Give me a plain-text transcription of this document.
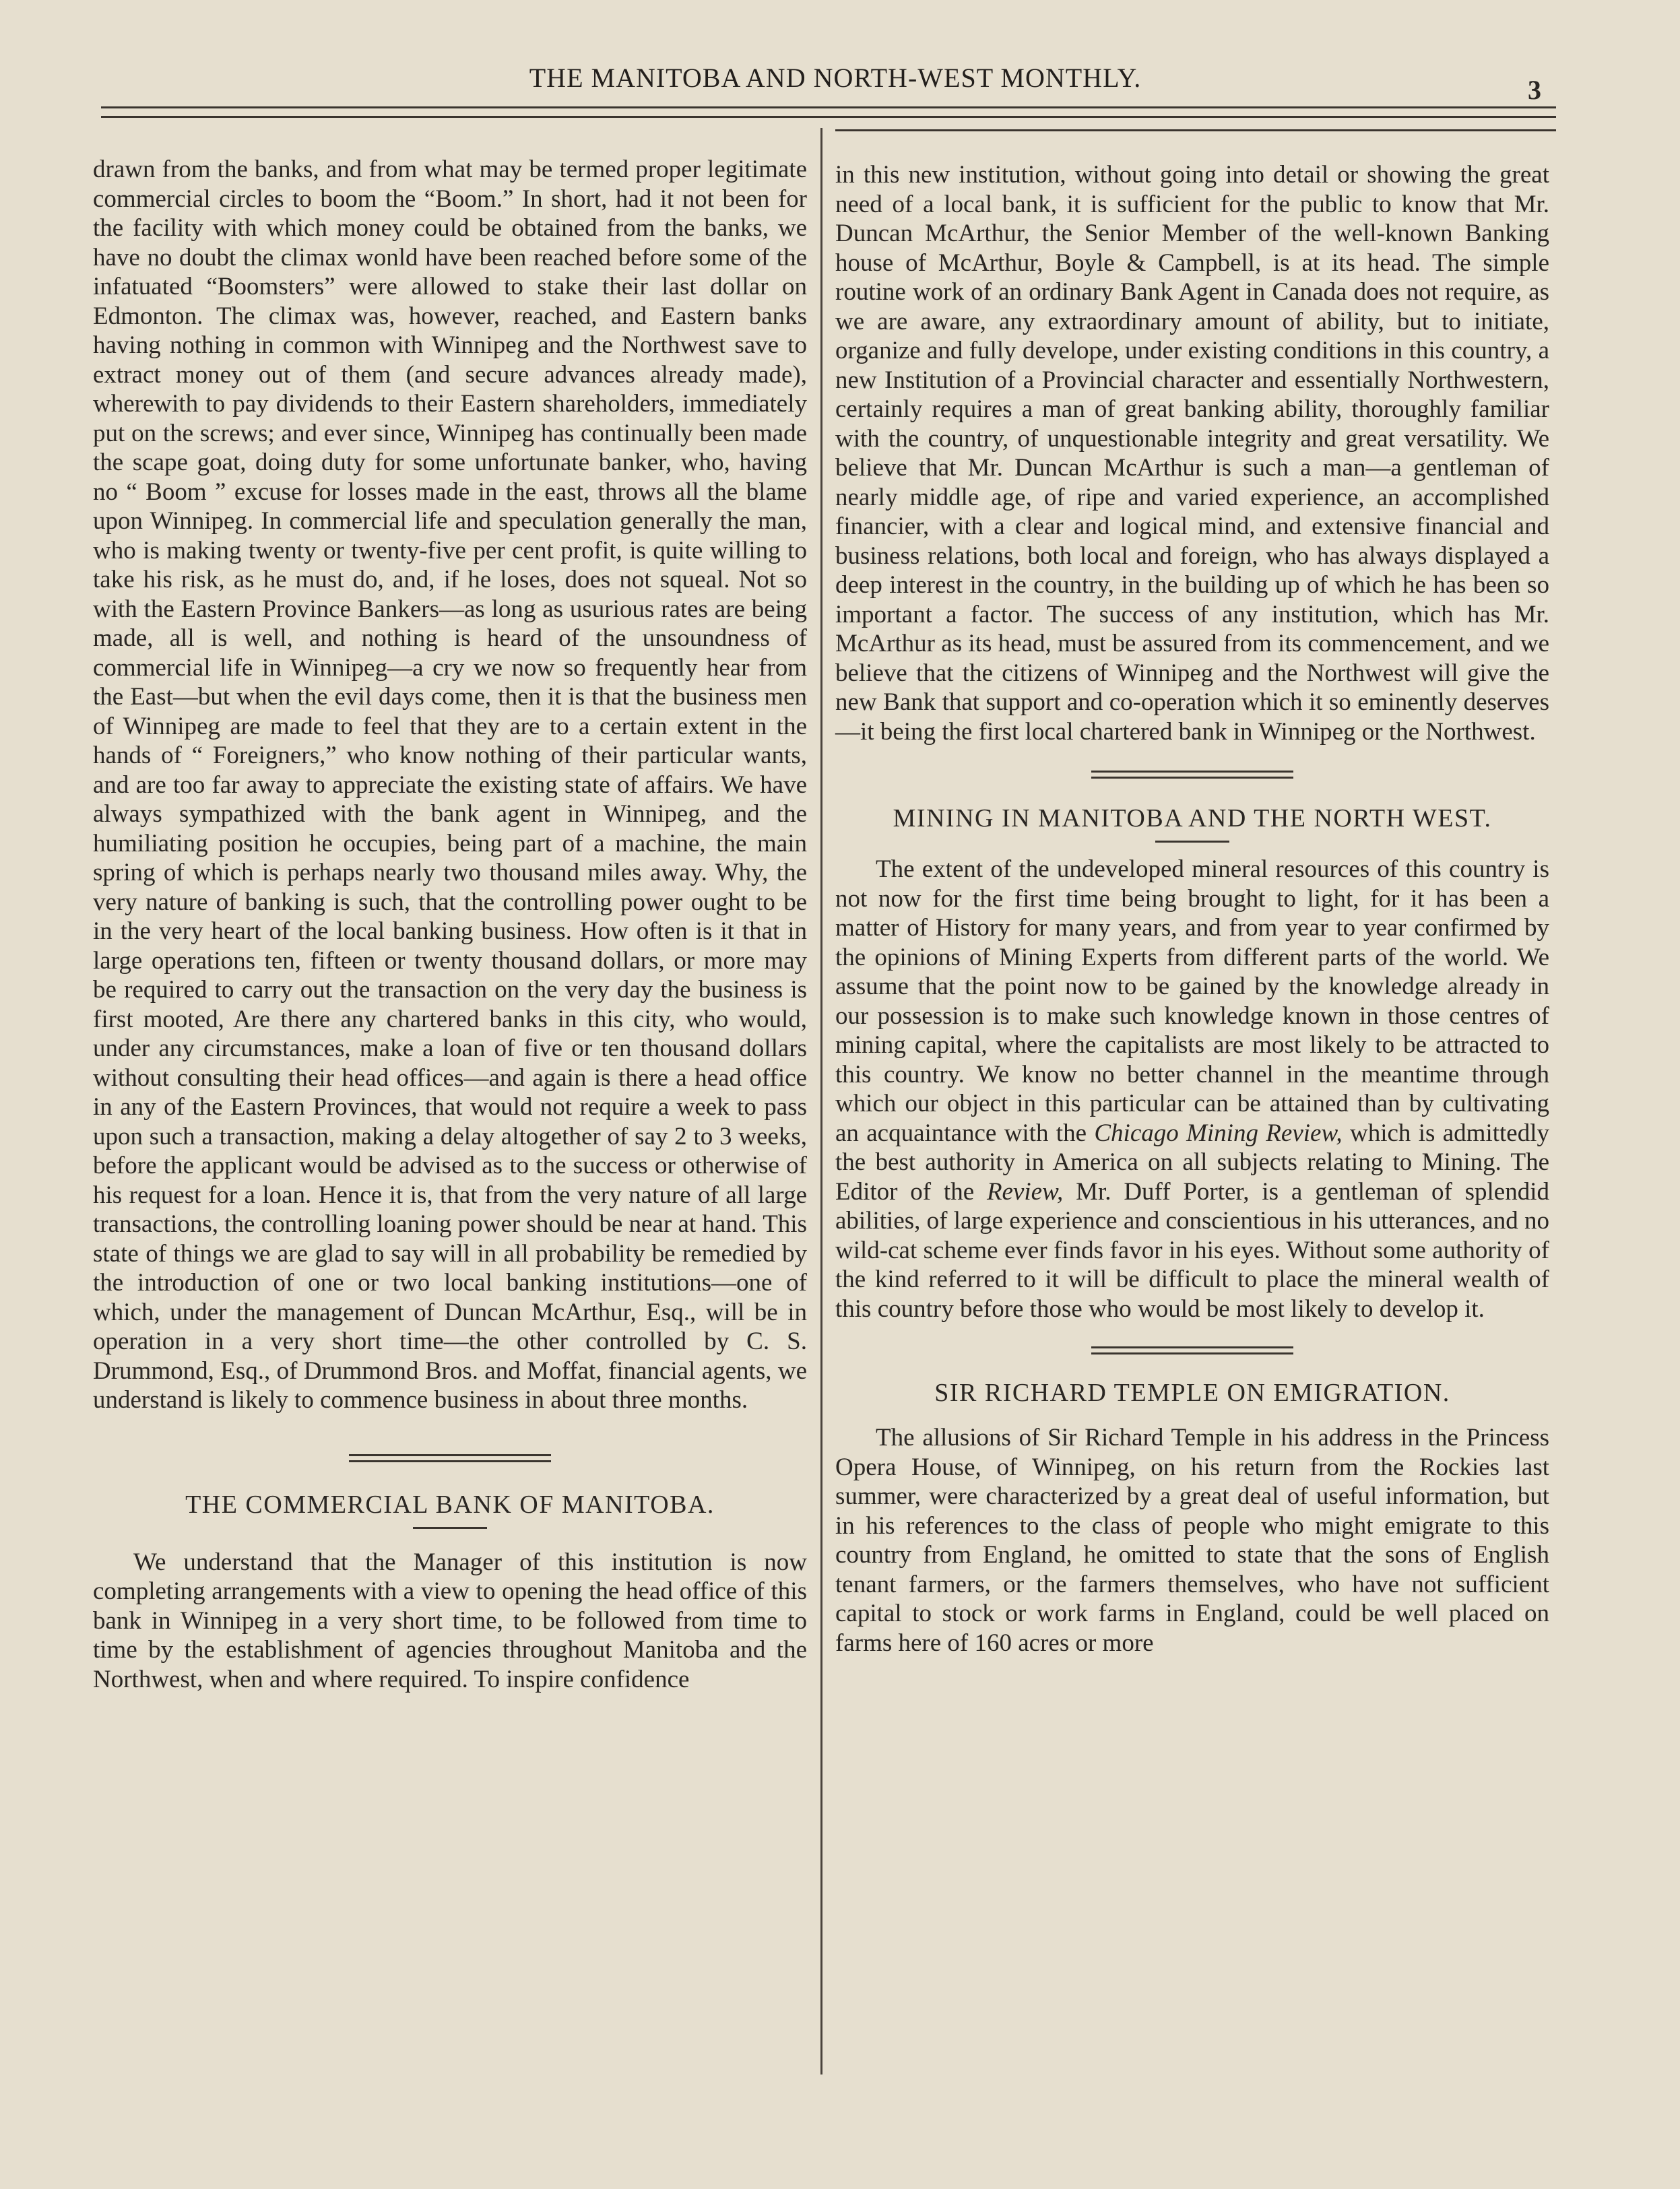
THE MANITOBA AND NORTH-WEST MONTHLY.	3

drawn from the banks, and from what may be termed proper legitimate commercial circles to boom the “Boom.” In short, had it not been for the facility with which money could be obtained from the banks, we have no doubt the climax wonld have been reached before some of the infatuated “Boomsters” were allowed to stake their last dollar on Edmonton. The climax was, however, reached, and Eastern banks having nothing in common with Winnipeg and the Northwest save to extract money out of them (and secure advances already made), wherewith to pay dividends to their Eastern shareholders, immediately put on the screws; and ever since, Winnipeg has continually been made the scape goat, doing duty for some unfortunate banker, who, having no “ Boom ” excuse for losses made in the east, throws all the blame upon Winnipeg. In commercial life and speculation generally the man, who is making twenty or twenty-five per cent profit, is quite willing to take his risk, as he must do, and, if he loses, does not squeal. Not so with the Eastern Province Bankers—as long as usurious rates are being made, all is well, and nothing is heard of the unsoundness of commercial life in Winnipeg—a cry we now so frequently hear from the East—but when the evil days come, then it is that the business men of Winnipeg are made to feel that they are to a certain extent in the hands of “ Foreigners,” who know nothing of their particular wants, and are too far away to appreciate the existing state of affairs. We have always sympathized with the bank agent in Winnipeg, and the humiliating position he occupies, being part of a machine, the main spring of which is perhaps nearly two thousand miles away. Why, the very nature of banking is such, that the controlling power ought to be in the very heart of the local banking business. How often is it that in large operations ten, fifteen or twenty thousand dollars, or more may be required to carry out the transaction on the very day the business is first mooted, Are there any chartered banks in this city, who would, under any circumstances, make a loan of five or ten thousand dollars without consulting their head offices—and again is there a head office in any of the Eastern Provinces, that would not require a week to pass upon such a transaction, making a delay altogether of say 2 to 3 weeks, before the applicant would be advised as to the success or otherwise of his request for a loan. Hence it is, that from the very nature of all large transactions, the controlling loaning power should be near at hand. This state of things we are glad to say will in all probability be remedied by the introduction of one or two local banking institutions—one of which, under the management of Duncan McArthur, Esq., will be in operation in a very short time—the other controlled by C. S. Drummond, Esq., of Drummond Bros. and Moffat, financial agents, we understand is likely to commence business in about three months.

THE COMMERCIAL BANK OF MANITOBA.

We understand that the Manager of this institution is now completing arrangements with a view to opening the head office of this bank in Winnipeg in a very short time, to be followed from time to time by the establishment of agencies throughout Manitoba and the Northwest, when and where required. To inspire confidence

in this new institution, without going into detail or showing the great need of a local bank, it is sufficient for the public to know that Mr. Duncan McArthur, the Senior Member of the well-known Banking house of McArthur, Boyle & Campbell, is at its head. The simple routine work of an ordinary Bank Agent in Canada does not require, as we are aware, any extraordinary amount of ability, but to initiate, organize and fully develope, under existing conditions in this country, a new Institution of a Provincial character and essentially Northwestern, certainly requires a man of great banking ability, thoroughly familiar with the country, of unquestionable integrity and great versatility. We believe that Mr. Duncan McArthur is such a man—a gentleman of nearly middle age, of ripe and varied experience, an accomplished financier, with a clear and logical mind, and extensive financial and business relations, both local and foreign, who has always displayed a deep interest in the country, in the building up of which he has been so important a factor. The success of any institution, which has Mr. McArthur as its head, must be assured from its commencement, and we believe that the citizens of Winnipeg and the Northwest will give the new Bank that support and co-operation which it so eminently deserves —it being the first local chartered bank in Winnipeg or the Northwest.

MINING IN MANITOBA AND THE NORTH WEST.

The extent of the undeveloped mineral resources of this country is not now for the first time being brought to light, for it has been a matter of History for many years, and from year to year confirmed by the opinions of Mining Experts from different parts of the world. We assume that the point now to be gained by the knowledge already in our possession is to make such knowledge known in those centres of mining capital, where the capitalists are most likely to be attracted to this country. We know no better channel in the meantime through which our object in this particular can be attained than by cultivating an acquaintance with the Chicago Mining Review, which is admittedly the best authority in America on all subjects relating to Mining. The Editor of the Review, Mr. Duff Porter, is a gentleman of splendid abilities, of large experience and conscientious in his utterances, and no wild-cat scheme ever finds favor in his eyes. Without some authority of the kind referred to it will be difficult to place the mineral wealth of this country before those who would be most likely to develop it.

SIR RICHARD TEMPLE ON EMIGRATION.

The allusions of Sir Richard Temple in his address in the Princess Opera House, of Winnipeg, on his return from the Rockies last summer, were characterized by a great deal of useful information, but in his references to the class of people who might emigrate to this country from England, he omitted to state that the sons of English tenant farmers, or the farmers themselves, who have not sufficient capital to stock or work farms in England, could be well placed on farms here of 160 acres or more
